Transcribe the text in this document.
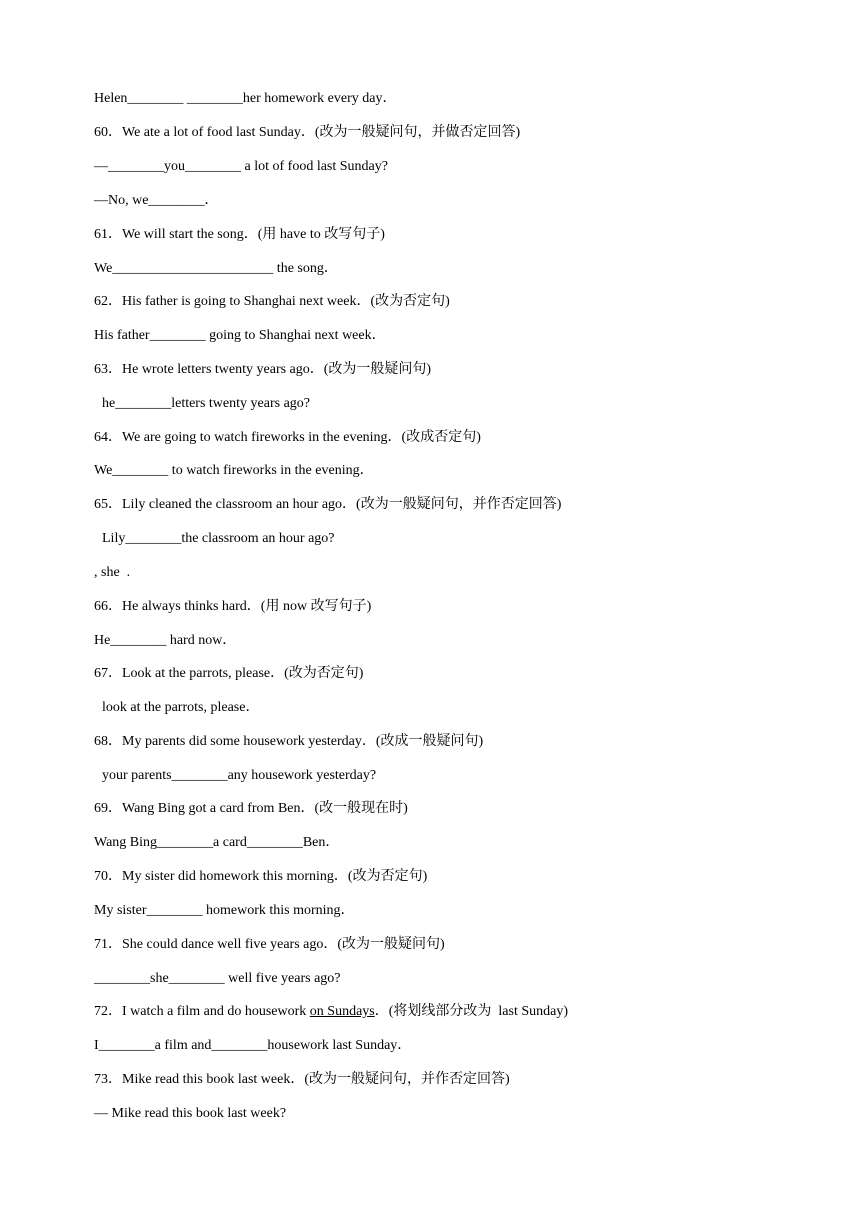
Helen________ ________her homework every day．
60．We ate a lot of food last Sunday．(改为一般疑问句，并做否定回答)
—________you________ a lot of food last Sunday?
—No, we________．
61．We will start the song．(用 have to 改写句子)
We_______________________ the song．
62．His father is going to Shanghai next week．(改为否定句)
His father________ going to Shanghai next week．
63．He wrote letters twenty years ago．(改为一般疑问句)
he________letters twenty years ago?
64．We are going to watch fireworks in the evening．(改成否定句)
We________ to watch fireworks in the evening．
65．Lily cleaned the classroom an hour ago．(改为一般疑问句，并作否定回答)
Lily________the classroom an hour ago?
, she  .
66．He always thinks hard．(用 now 改写句子)
He________ hard now．
67．Look at the parrots, please．(改为否定句)
look at the parrots, please．
68．My parents did some housework yesterday．(改成一般疑问句)
your parents________any housework yesterday?
69．Wang Bing got a card from Ben．(改一般现在时)
Wang Bing________a card________Ben．
70．My sister did homework this morning．(改为否定句)
My sister________ homework this morning．
71．She could dance well five years ago．(改为一般疑问句)
________she________ well five years ago?
72．I watch a film and do housework on Sundays．(将划线部分改为  last Sunday)
I________a film and________housework last Sunday．
73．Mike read this book last week．(改为一般疑问句，并作否定回答)
— Mike read this book last week?
